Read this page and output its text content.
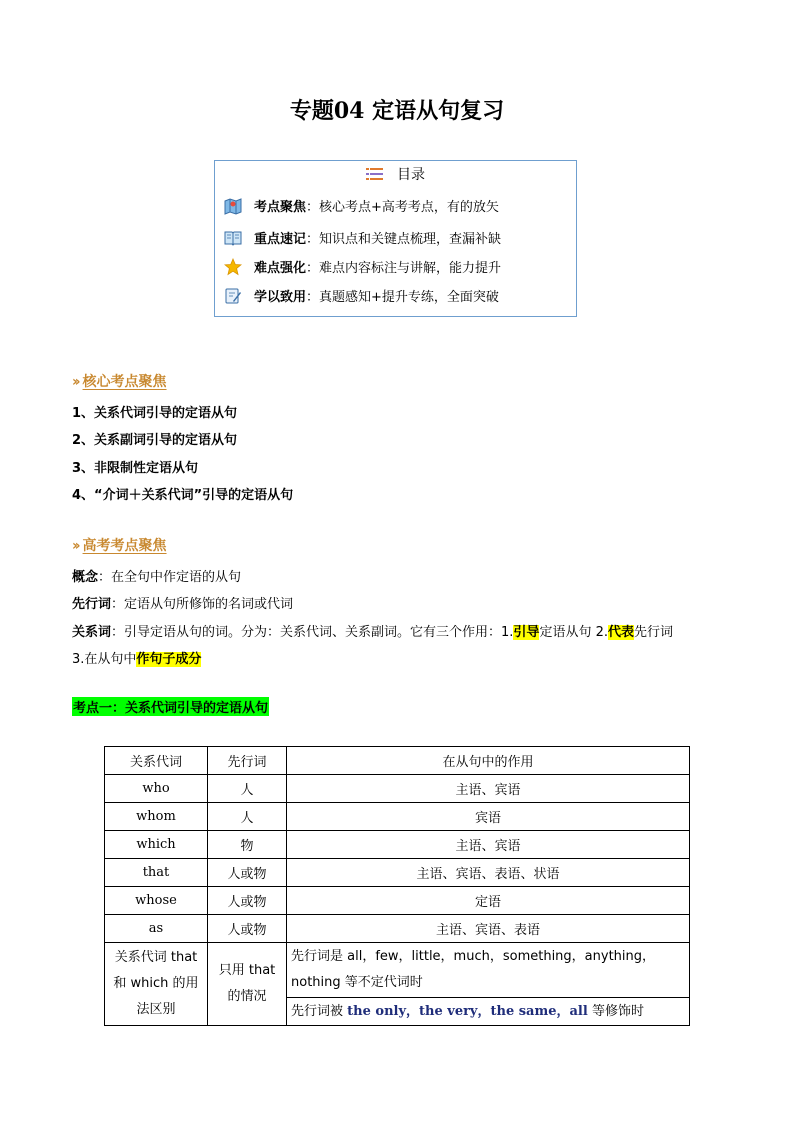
专题04 定语从句复习
目录
考点聚焦：核心考点+高考考点，有的放矢
重点速记：知识点和关键点梳理，查漏补缺
难点强化：难点内容标注与讲解，能力提升
学以致用：真题感知+提升专练，全面突破
›› 核心考点聚焦
1、关系代词引导的定语从句
2、关系副词引导的定语从句
3、非限制性定语从句
4、“介词＋关系代词”引导的定语从句
›› 高考考点聚焦
概念：在全句中作定语的从句
先行词：定语从句所修饰的名词或代词
关系词：引导定语从句的词。分为：关系代词、关系副词。它有三个作用：1.引导定语从句 2.代表先行词
3.在从句中作句子成分
考点一：关系代词引导的定语从句
关系代词	先行词	在从句中的作用
who	人	主语、宾语
whom	人	宾语
which	物	主语、宾语
that	人或物	主语、宾语、表语、状语
whose	人或物	定语
as	人或物	主语、宾语、表语
关系代词 that 和 which 的用法区别	只用 that 的情况	先行词是 all，few，little，much，something，anything，nothing 等不定代词时
		先行词被 the only，the very，the same，all 等修饰时
